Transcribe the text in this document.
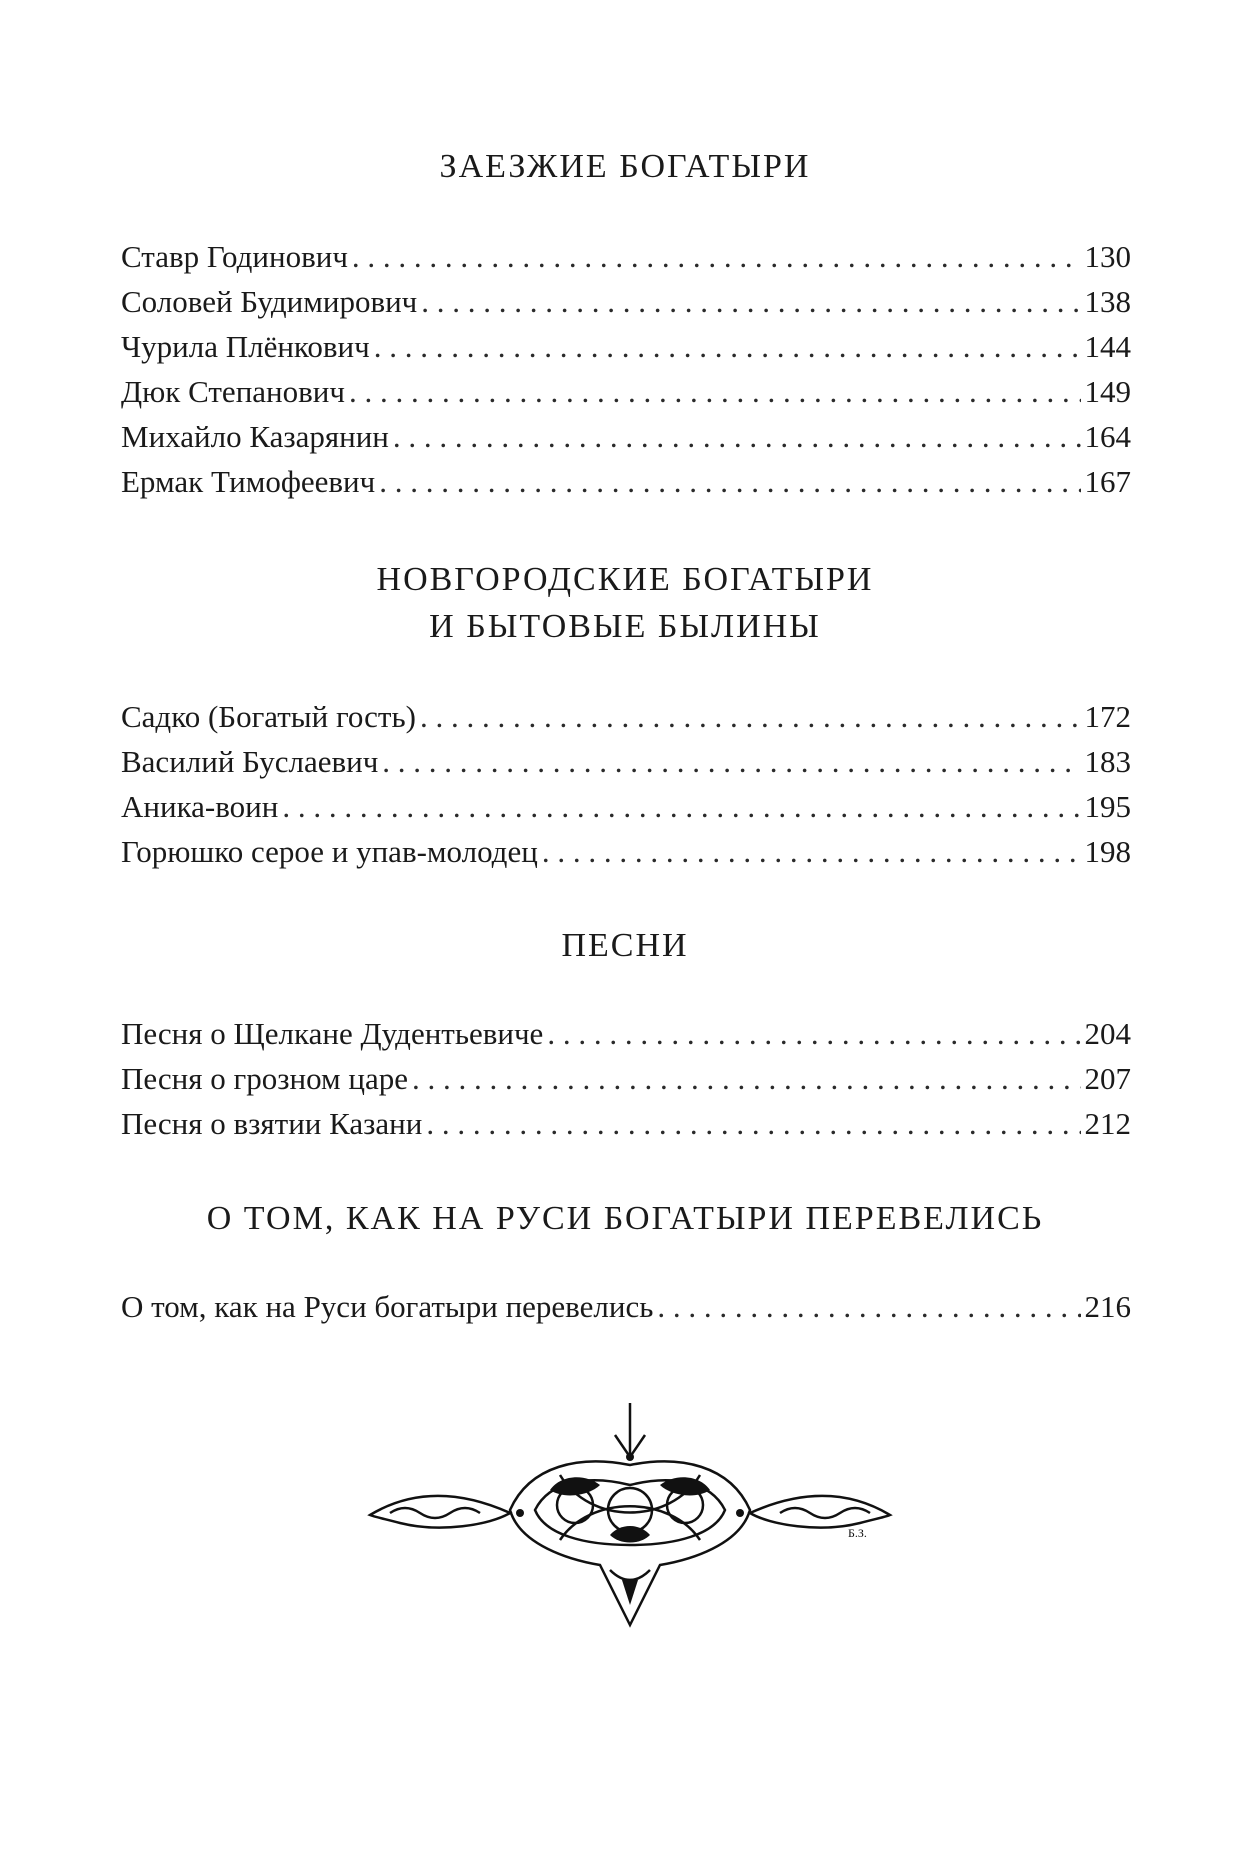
ЗАЕЗЖИЕ БОГАТЫРИ
Ставр Годинович . . .	130
Соловей Будимирович . . .	138
Чурила Плёнкович . . .	144
Дюк Степанович . . .	149
Михайло Казарянин . . .	164
Ермак Тимофеевич . . .	167
НОВГОРОДСКИЕ БОГАТЫРИ
И БЫТОВЫЕ БЫЛИНЫ
Садко (Богатый гость) . . .	172
Василий Буслаевич . . .	183
Аника-воин . . .	195
Горюшко серое и упав-молодец . . .	198
ПЕСНИ
Песня о Щелкане Дудентьевиче . . .	204
Песня о грозном царе . . .	207
Песня о взятии Казани . . .	212
О ТОМ, КАК НА РУСИ БОГАТЫРИ ПЕРЕВЕЛИСЬ
О том, как на Руси богатыри перевелись . . .	216
Б.З.
